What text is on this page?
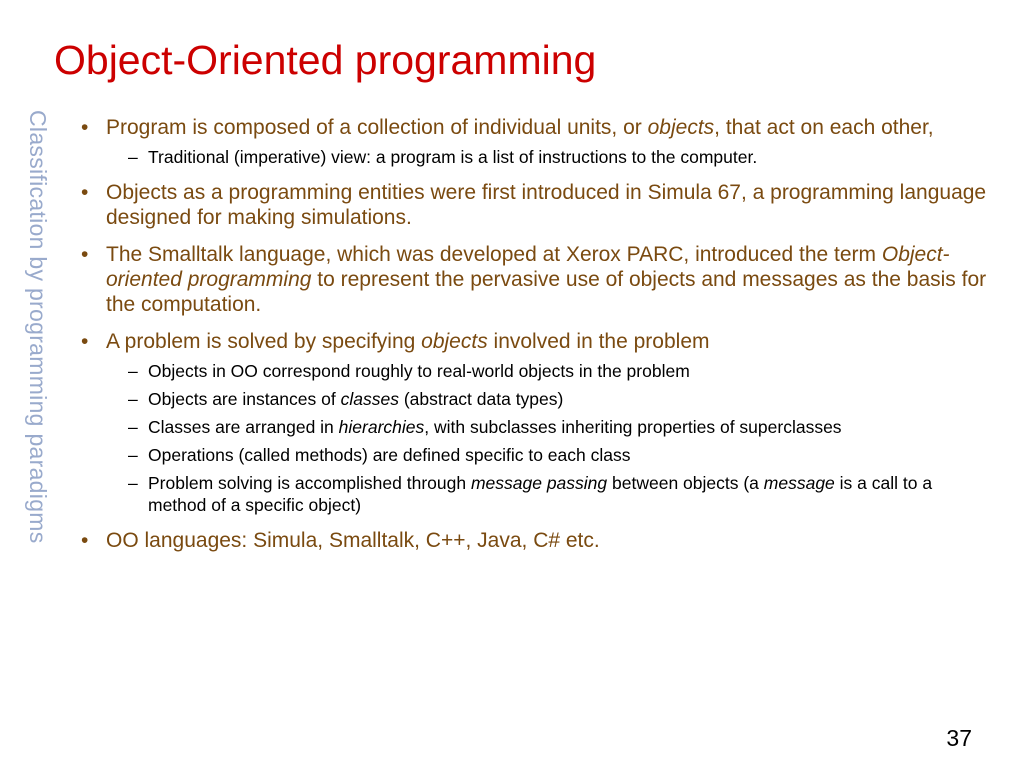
Object-Oriented programming
Classification by programming paradigms	• Program is composed of a collection of individual units, or objects, that act on each other,
– Traditional (imperative) view: a program is a list of instructions to the computer.
• Objects as a programming entities were first introduced in Simula 67, a programming language designed for making simulations.
• The Smalltalk language, which was developed at Xerox PARC, introduced the term Object-oriented programming to represent the pervasive use of objects and messages as the basis for the computation.
• A problem is solved by specifying objects involved in the problem
– Objects in OO correspond roughly to real-world objects in the problem
– Objects are instances of classes (abstract data types)
– Classes are arranged in hierarchies, with subclasses inheriting properties of superclasses
– Operations (called methods) are defined specific to each class
– Problem solving is accomplished through message passing between objects (a message is a call to a method of a specific object)
• OO languages: Simula, Smalltalk, C++, Java, C# etc.
37
